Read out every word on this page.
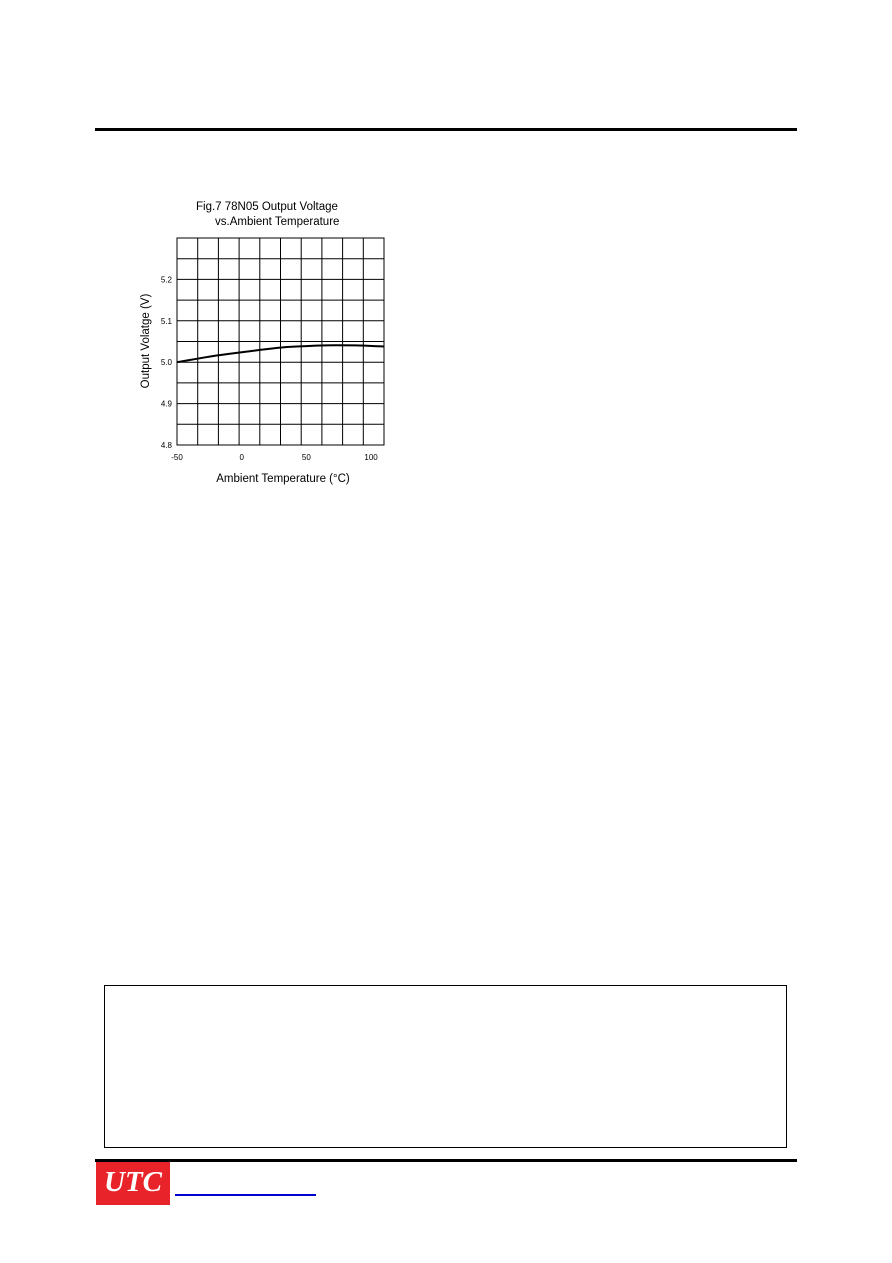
Fig.7 78N05 Output Voltage
vs.Ambient Temperature
-50	0	50	100
4.8
4.9
5.0
5.1
5.2
Ambient Temperature (°C)
Output Volatge (V)
UTC
